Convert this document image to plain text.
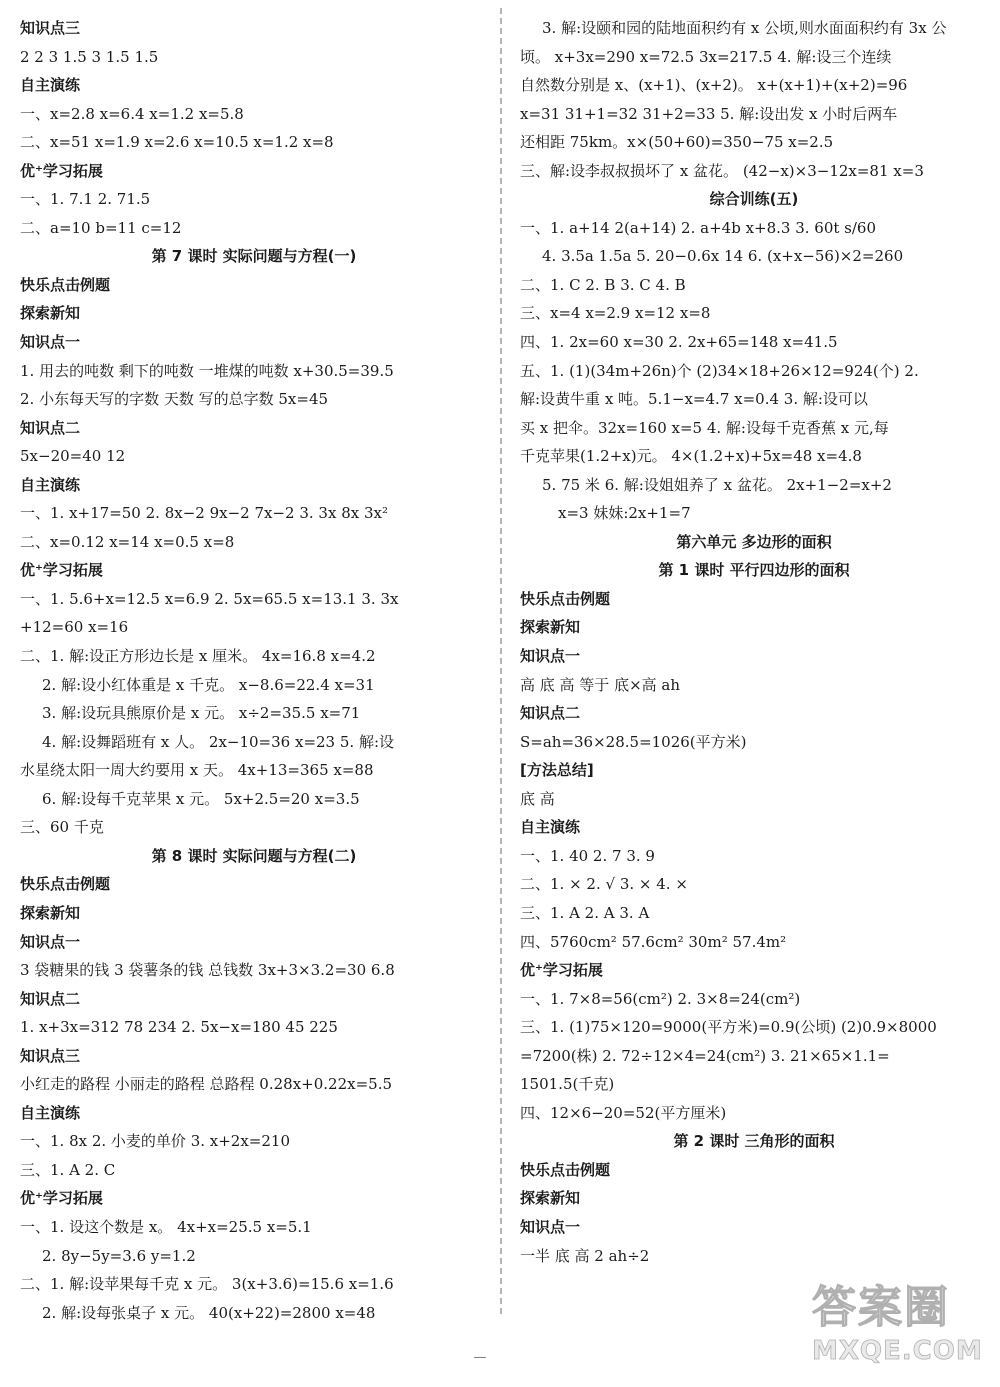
知识点三
2 2 3 1.5 3 1.5 1.5
自主演练
一、x=2.8 x=6.4 x=1.2 x=5.8
二、x=51 x=1.9 x=2.6 x=10.5 x=1.2 x=8
优⁺学习拓展
一、1. 7.1 2. 71.5
二、a=10 b=11 c=12
第 7 课时 实际问题与方程(一)
快乐点击例题
探索新知
知识点一
1. 用去的吨数 剩下的吨数 一堆煤的吨数 x+30.5=39.5
2. 小东每天写的字数 天数 写的总字数 5x=45
知识点二
5x−20=40 12
自主演练
一、1. x+17=50 2. 8x−2 9x−2 7x−2 3. 3x 8x 3x²
二、x=0.12 x=14 x=0.5 x=8
优⁺学习拓展
一、1. 5.6+x=12.5 x=6.9 2. 5x=65.5 x=13.1 3. 3x
+12=60 x=16
二、1. 解:设正方形边长是 x 厘米。 4x=16.8 x=4.2
2. 解:设小红体重是 x 千克。 x−8.6=22.4 x=31
3. 解:设玩具熊原价是 x 元。 x÷2=35.5 x=71
4. 解:设舞蹈班有 x 人。 2x−10=36 x=23 5. 解:设
水星绕太阳一周大约要用 x 天。 4x+13=365 x=88
6. 解:设每千克苹果 x 元。 5x+2.5=20 x=3.5
三、60 千克
第 8 课时 实际问题与方程(二)
快乐点击例题
探索新知
知识点一
3 袋糖果的钱 3 袋薯条的钱 总钱数 3x+3×3.2=30 6.8
知识点二
1. x+3x=312 78 234 2. 5x−x=180 45 225
知识点三
小红走的路程 小丽走的路程 总路程 0.28x+0.22x=5.5
自主演练
一、1. 8x 2. 小麦的单价 3. x+2x=210
三、1. A 2. C
优⁺学习拓展
一、1. 设这个数是 x。 4x+x=25.5 x=5.1
2. 8y−5y=3.6 y=1.2
二、1. 解:设苹果每千克 x 元。 3(x+3.6)=15.6 x=1.6
2. 解:设每张桌子 x 元。 40(x+22)=2800 x=48
3. 解:设颐和园的陆地面积约有 x 公顷,则水面面积约有 3x 公
顷。 x+3x=290 x=72.5 3x=217.5 4. 解:设三个连续
自然数分别是 x、(x+1)、(x+2)。 x+(x+1)+(x+2)=96
x=31 31+1=32 31+2=33 5. 解:设出发 x 小时后两车
还相距 75km。x×(50+60)=350−75 x=2.5
三、解:设李叔叔损坏了 x 盆花。 (42−x)×3−12x=81 x=3
综合训练(五)
一、1. a+14 2(a+14) 2. a+4b x+8.3 3. 60t s/60
4. 3.5a 1.5a 5. 20−0.6x 14 6. (x+x−56)×2=260
二、1. C 2. B 3. C 4. B
三、x=4 x=2.9 x=12 x=8
四、1. 2x=60 x=30 2. 2x+65=148 x=41.5
五、1. (1)(34m+26n)个 (2)34×18+26×12=924(个) 2.
解:设黄牛重 x 吨。5.1−x=4.7 x=0.4 3. 解:设可以
买 x 把伞。32x=160 x=5 4. 解:设每千克香蕉 x 元,每
千克苹果(1.2+x)元。 4×(1.2+x)+5x=48 x=4.8
5. 75 米 6. 解:设姐姐养了 x 盆花。 2x+1−2=x+2
x=3 妹妹:2x+1=7
第六单元 多边形的面积
第 1 课时 平行四边形的面积
快乐点击例题
探索新知
知识点一
高 底 高 等于 底×高 ah
知识点二
S=ah=36×28.5=1026(平方米)
[方法总结]
底 高
自主演练
一、1. 40 2. 7 3. 9
二、1. × 2. √ 3. × 4. ×
三、1. A 2. A 3. A
四、5760cm² 57.6cm² 30m² 57.4m²
优⁺学习拓展
一、1. 7×8=56(cm²) 2. 3×8=24(cm²)
三、1. (1)75×120=9000(平方米)=0.9(公顷) (2)0.9×8000
=7200(株) 2. 72÷12×4=24(cm²) 3. 21×65×1.1=
1501.5(千克)
四、12×6−20=52(平方厘米)
第 2 课时 三角形的面积
快乐点击例题
探索新知
知识点一
一半 底 高 2 ah÷2
—
答案圈
MXQE.COM
